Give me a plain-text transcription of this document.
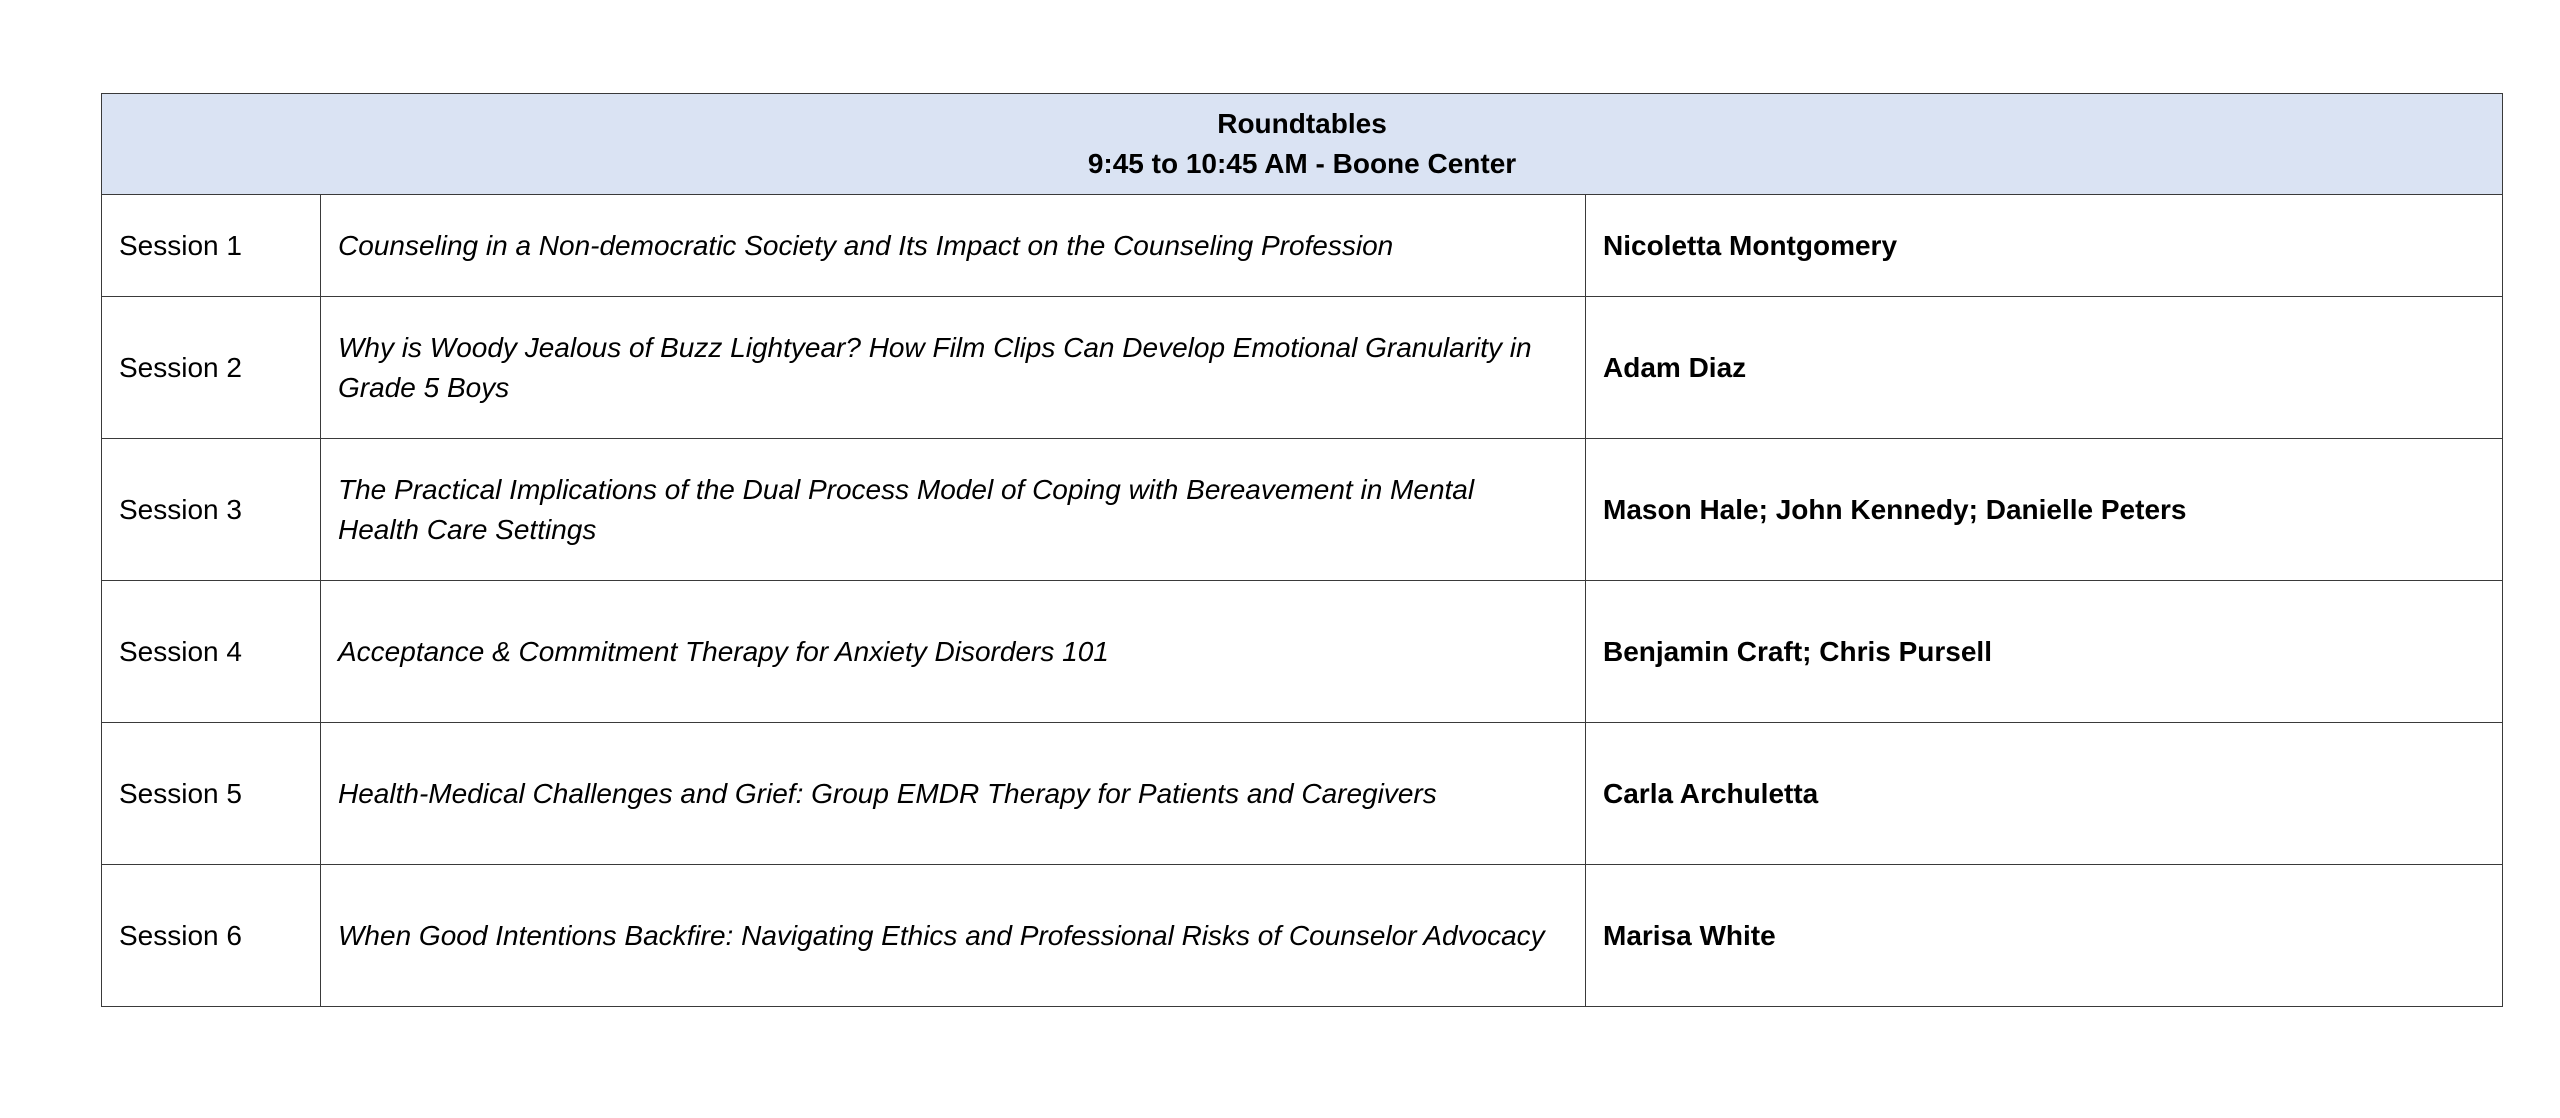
Roundtables
9:45 to 10:45 AM - Boone Center		

Session 1	Counseling in a Non-democratic Society and Its Impact on the Counseling Profession	Nicoletta Montgomery
Session 2	Why is Woody Jealous of Buzz Lightyear? How Film Clips Can Develop Emotional Granularity in Grade 5 Boys	Adam Diaz
Session 3	The Practical Implications of the Dual Process Model of Coping with Bereavement in Mental Health Care Settings	Mason Hale; John Kennedy; Danielle Peters
Session 4	Acceptance & Commitment Therapy for Anxiety Disorders 101	Benjamin Craft; Chris Pursell
Session 5	Health-Medical Challenges and Grief: Group EMDR Therapy for Patients and Caregivers	Carla Archuletta
Session 6	When Good Intentions Backfire: Navigating Ethics and Professional Risks of Counselor Advocacy	Marisa White
